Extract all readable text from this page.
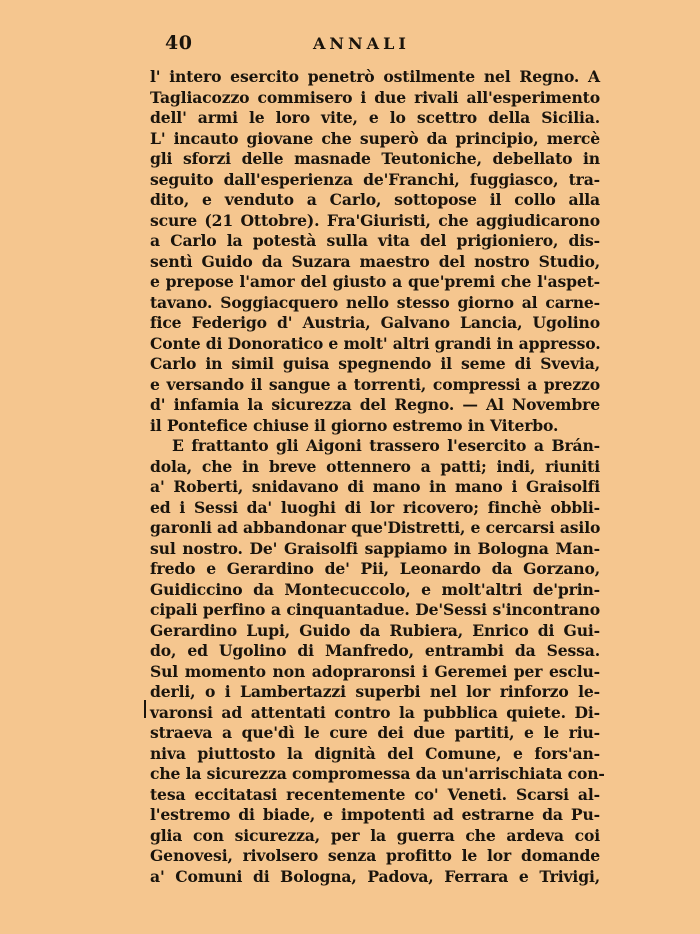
40	ANNALI
l' intero esercito penetrò ostilmente nel Regno. A
Tagliacozzo commisero i due rivali all'esperimento
dell' armi le loro vite, e lo scettro della Sicilia.
L' incauto giovane che superò da principio, mercè
gli sforzi delle masnade Teutoniche, debellato in
seguito dall'esperienza de'Franchi, fuggiasco, tra-
dito, e venduto a Carlo, sottopose il collo alla
scure (21 Ottobre). Fra'Giuristi, che aggiudicarono
a Carlo la potestà sulla vita del prigioniero, dis-
sentì Guido da Suzara maestro del nostro Studio,
e prepose l'amor del giusto a que'premi che l'aspet-
tavano. Soggiacquero nello stesso giorno al carne-
fice Federigo d' Austria, Galvano Lancia, Ugolino
Conte di Donoratico e molt' altri grandi in appresso.
Carlo in simil guisa spegnendo il seme di Svevia,
e versando il sangue a torrenti, compressi a prezzo
d' infamia la sicurezza del Regno. — Al Novembre
il Pontefice chiuse il giorno estremo in Viterbo.
E frattanto gli Aigoni trassero l'esercito a Brán-
dola, che in breve ottennero a patti; indi, riuniti
a' Roberti, snidavano di mano in mano i Graisolfi
ed i Sessi da' luoghi di lor ricovero; finchè obbli-
garonli ad abbandonar que'Distretti, e cercarsi asilo
sul nostro. De' Graisolfi sappiamo in Bologna Man-
fredo e Gerardino de' Pii, Leonardo da Gorzano,
Guidiccino da Montecuccolo, e molt'altri de'prin-
cipali perfino a cinquantadue. De'Sessi s'incontrano
Gerardino Lupi, Guido da Rubiera, Enrico di Gui-
do, ed Ugolino di Manfredo, entrambi da Sessa.
Sul momento non adopraronsi i Geremei per esclu-
derli, o i Lambertazzi superbi nel lor rinforzo le-
varonsi ad attentati contro la pubblica quiete. Di-
straeva a que'dì le cure dei due partiti, e le riu-
niva piuttosto la dignità del Comune, e fors'an-
che la sicurezza compromessa da un'arrischiata con-
tesa eccitatasi recentemente co' Veneti. Scarsi al-
l'estremo di biade, e impotenti ad estrarne da Pu-
glia con sicurezza, per la guerra che ardeva coi
Genovesi, rivolsero senza profitto le lor domande
a' Comuni di Bologna, Padova, Ferrara e Trivigi,
